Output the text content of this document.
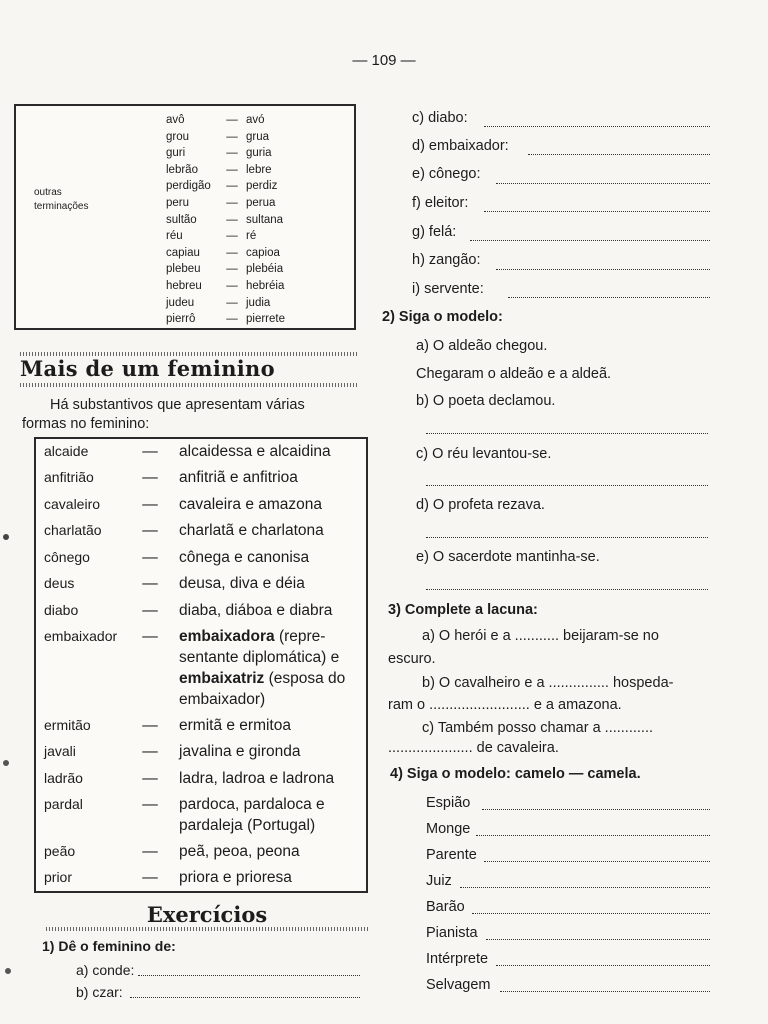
— 109 —
outras
terminações
avô	— avó
grou	— grua
guri	— guria
lebrão — lebre
perdigão — perdiz
peru	— perua
sultão	— sultana
réu	— ré
capiau — capioa
plebeu — plebéia
hebreu — hebréia
judeu	— judia
pierrô	— pierrete
Mais de um feminino
Há substantivos que apresentam várias
formas no feminino:
alcaide	— alcaidessa e alcaidina
anfitrião	— anfitriã e anfitrioa
cavaleiro	— cavaleira e amazona
charlatão	— charlatã e charlatona
cônego	— cônega e canonisa
deus	— deusa, diva e déia
diabo	— diaba, diáboa e diabra
embaixador	— embaixadora (repre-
sentante diplomática) e
embaixatriz (esposa do
embaixador)
ermitão	— ermitã e ermitoa
javali	— javalina e gironda
ladrão	— ladra, ladroa e ladrona
pardal	— pardoca, pardaloca e
pardaleja (Portugal)
peão	— peã, peoa, peona
prior	— priora e prioresa
Exercícios
1) Dê o feminino de:
a) conde:
b) czar:
c) diabo:
d) embaixador:
e) cônego:
f) eleitor:
g) felá:
h) zangão:
i) servente:
2) Siga o modelo:
a) O aldeão chegou.
Chegaram o aldeão e a aldeã.
b) O poeta declamou.
c) O réu levantou-se.
d) O profeta rezava.
e) O sacerdote mantinha-se.
3) Complete a lacuna:
a) O herói e a ........... beijaram-se no
escuro.
b) O cavalheiro e a ............... hospeda-
ram o ......................... e a amazona.
c) Também posso chamar a ............
..................... de cavaleira.
4) Siga o modelo: camelo — camela.
Espião
Monge
Parente
Juiz
Barão
Pianista
Intérprete
Selvagem
